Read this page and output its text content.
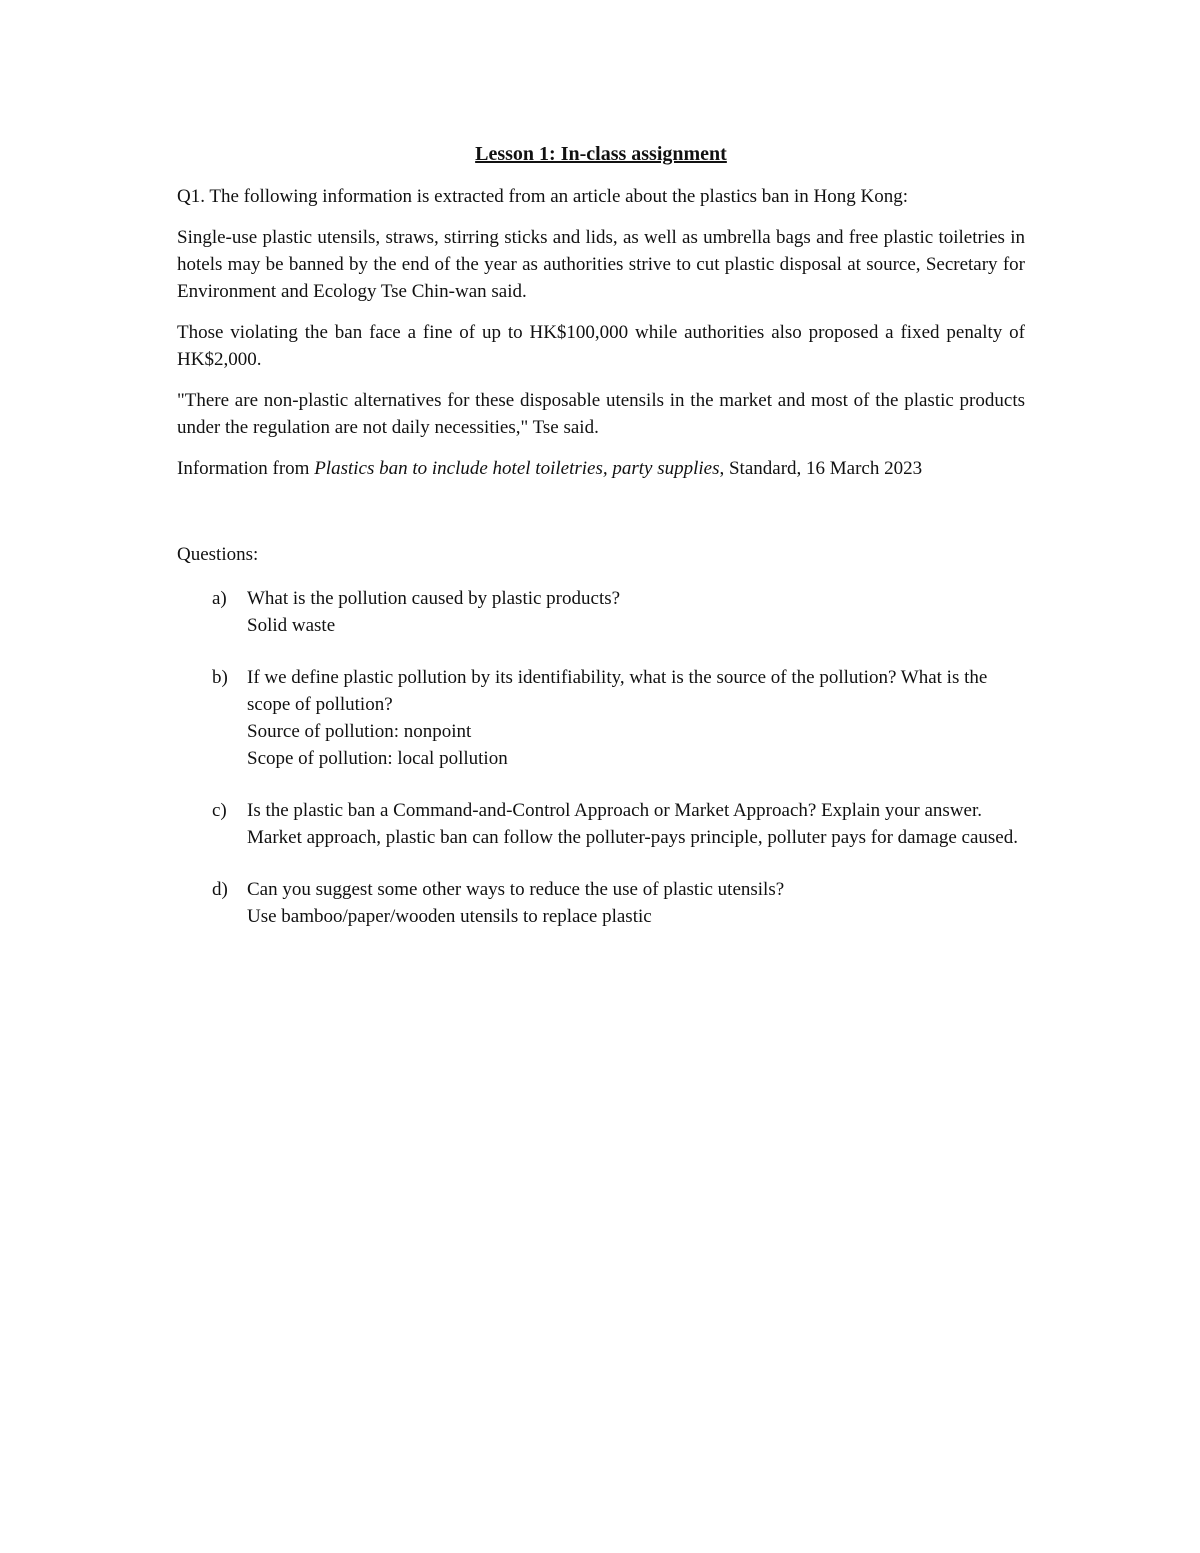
Lesson 1: In-class assignment

Q1. The following information is extracted from an article about the plastics ban in Hong Kong:

Single-use plastic utensils, straws, stirring sticks and lids, as well as umbrella bags and free plastic toiletries in hotels may be banned by the end of the year as authorities strive to cut plastic disposal at source, Secretary for Environment and Ecology Tse Chin-wan said.

Those violating the ban face a fine of up to HK$100,000 while authorities also proposed a fixed penalty of HK$2,000.

"There are non-plastic alternatives for these disposable utensils in the market and most of the plastic products under the regulation are not daily necessities," Tse said.

Information from Plastics ban to include hotel toiletries, party supplies, Standard, 16 March 2023

Questions:

a) What is the pollution caused by plastic products?
Solid waste
b) If we define plastic pollution by its identifiability, what is the source of the pollution? What is the scope of pollution?
Source of pollution: nonpoint
Scope of pollution: local pollution
c) Is the plastic ban a Command-and-Control Approach or Market Approach? Explain your answer.
Market approach, plastic ban can follow the polluter-pays principle, polluter pays for damage caused.
d) Can you suggest some other ways to reduce the use of plastic utensils?
Use bamboo/paper/wooden utensils to replace plastic
